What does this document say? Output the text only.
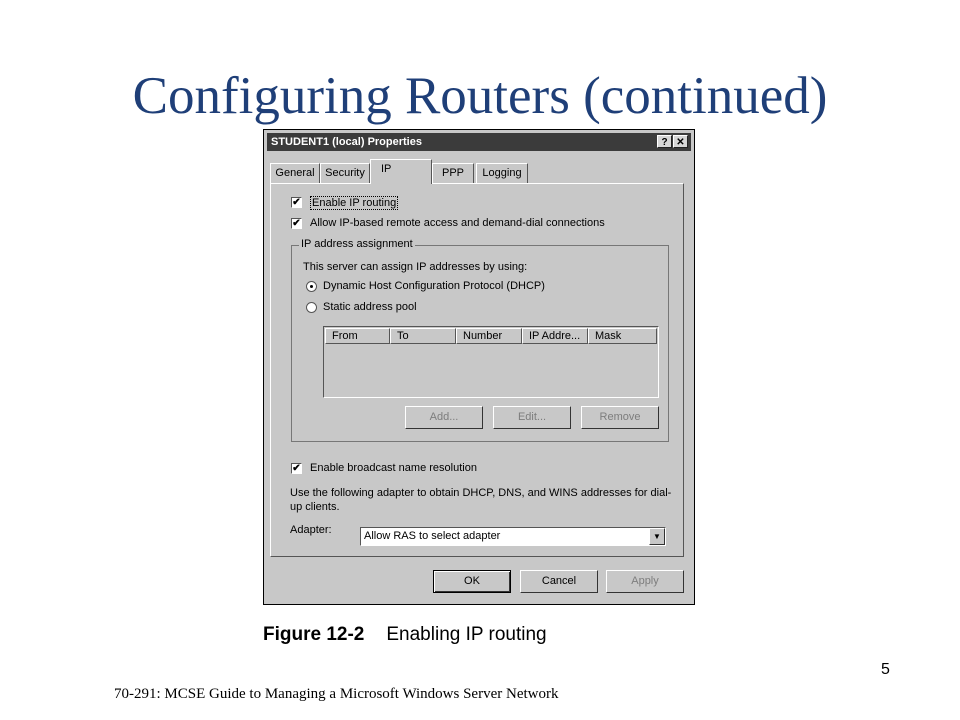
Configuring Routers (continued)
STUDENT1 (local) Properties	? ✕
General Security	IP	PPP	Logging
✔ Enable IP routing
✔ Allow IP-based remote access and demand-dial connections
IP address assignment
This server can assign IP addresses by using:
Dynamic Host Configuration Protocol (DHCP)
Static address pool
From	To	Number	IP Addre...	Mask
Add...	Edit...	Remove
✔ Enable broadcast name resolution
Use the following adapter to obtain DHCP, DNS, and WINS addresses for dial-up clients.
Adapter:	Allow RAS to select adapter	▼
OK	Cancel	Apply
Figure 12-2 Enabling IP routing
5
70-291: MCSE Guide to Managing a Microsoft Windows Server Network
